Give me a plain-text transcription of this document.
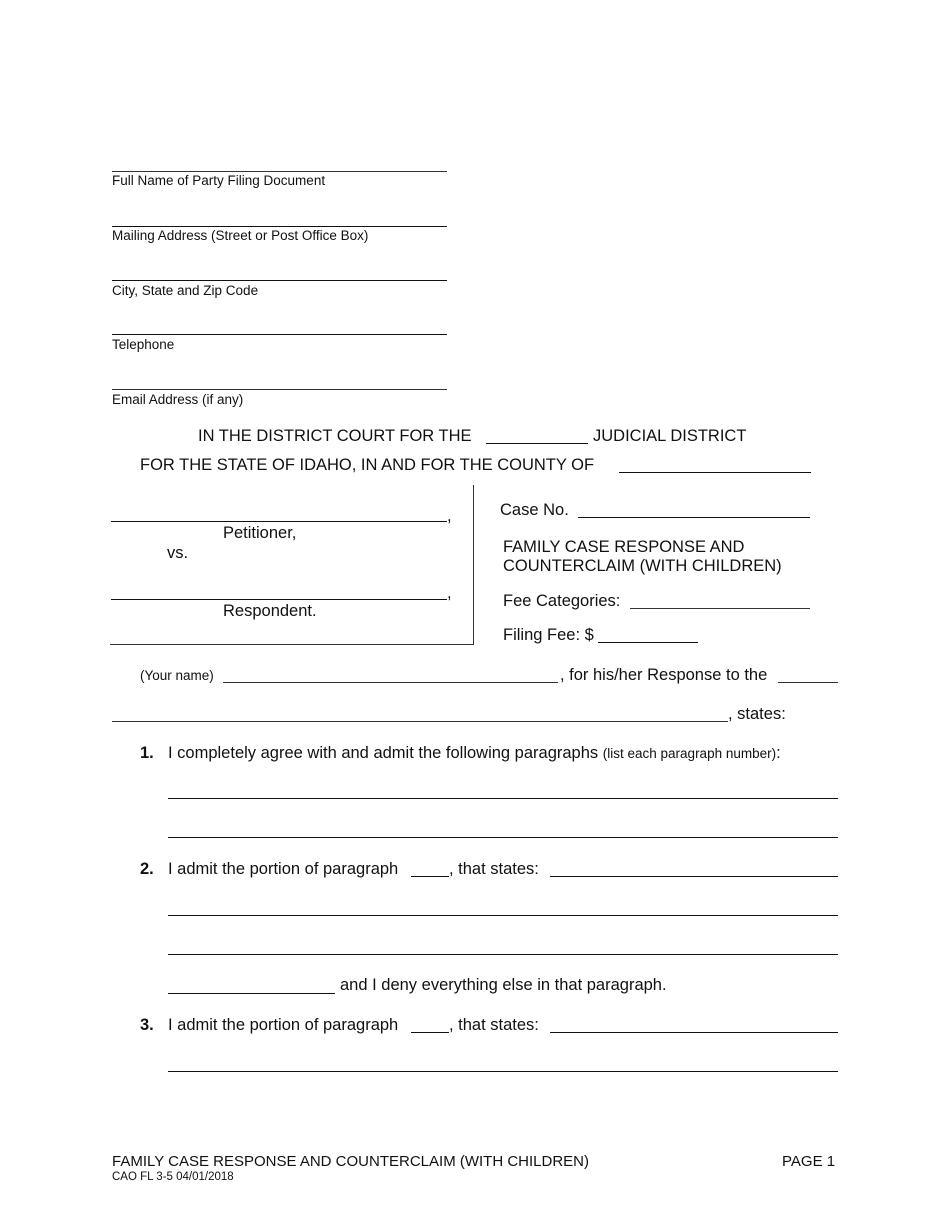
Full Name of Party Filing Document
Mailing Address (Street or Post Office Box)
City, State and Zip Code
Telephone
Email Address (if any)
IN THE DISTRICT COURT FOR THE	JUDICIAL DISTRICT
FOR THE STATE OF IDAHO, IN AND FOR THE COUNTY OF
,
Petitioner,
vs.
,
Respondent.
Case No.
FAMILY CASE RESPONSE AND
COUNTERCLAIM (WITH CHILDREN)
Fee Categories:
Filing Fee: $
(Your name)	, for his/her Response to the
, states:
1. I completely agree with and admit the following paragraphs (list each paragraph number):
2. I admit the portion of paragraph	, that states:
and I deny everything else in that paragraph.
3. I admit the portion of paragraph	, that states:
FAMILY CASE RESPONSE AND COUNTERCLAIM (WITH CHILDREN)
CAO FL 3-5 04/01/2018
PAGE 1
